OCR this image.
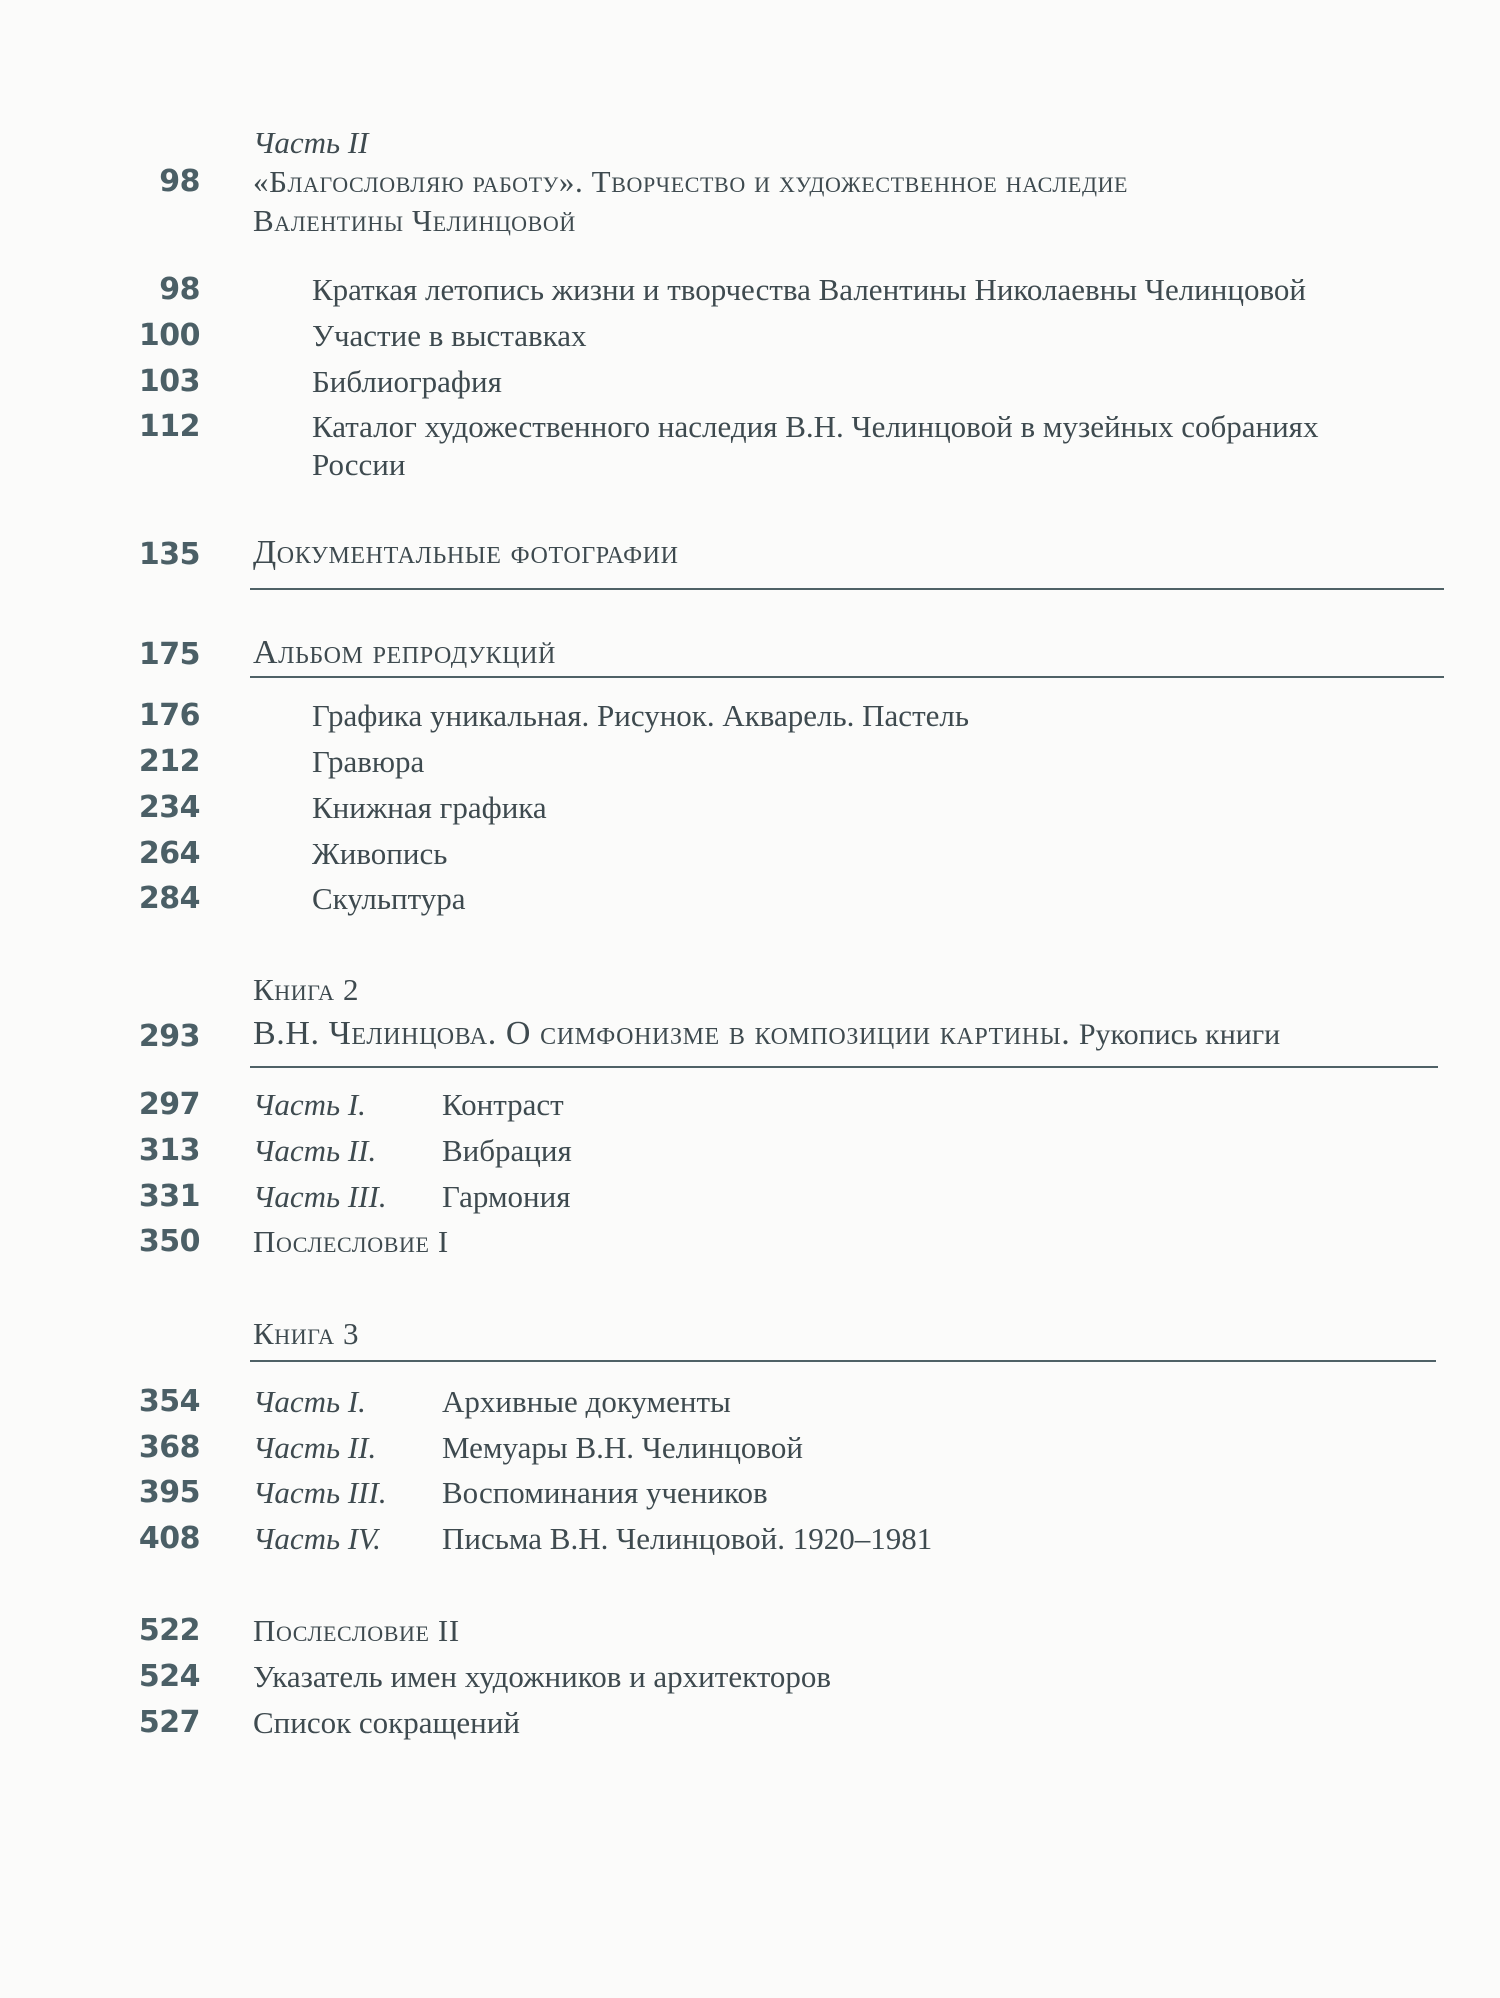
Часть II
98 «Благословляю работу». Творчество и художественное наследие
Валентины Челинцовой
98	Краткая летопись жизни и творчества Валентины Николаевны Челинцовой
100	Участие в выставках
103	Библиография
112	Каталог художественного наследия В.Н. Челинцовой в музейных собраниях
России
135 Документальные фотографии
175 Альбом репродукций
176	Графика уникальная. Рисунок. Акварель. Пастель
212	Гравюра
234	Книжная графика
264	Живопись
284	Скульптура
Книга 2
293 В.Н. Челинцова. О симфонизме в композиции картины. Рукопись книги
297 Часть I. Контраст
313 Часть II. Вибрация
331 Часть III. Гармония
350 Послесловие I
Книга 3
354 Часть I. Архивные документы
368 Часть II. Мемуары В.Н. Челинцовой
395 Часть III. Воспоминания учеников
408 Часть IV. Письма В.Н. Челинцовой. 1920–1981
522 Послесловие II
524 Указатель имен художников и архитекторов
527 Список сокращений
